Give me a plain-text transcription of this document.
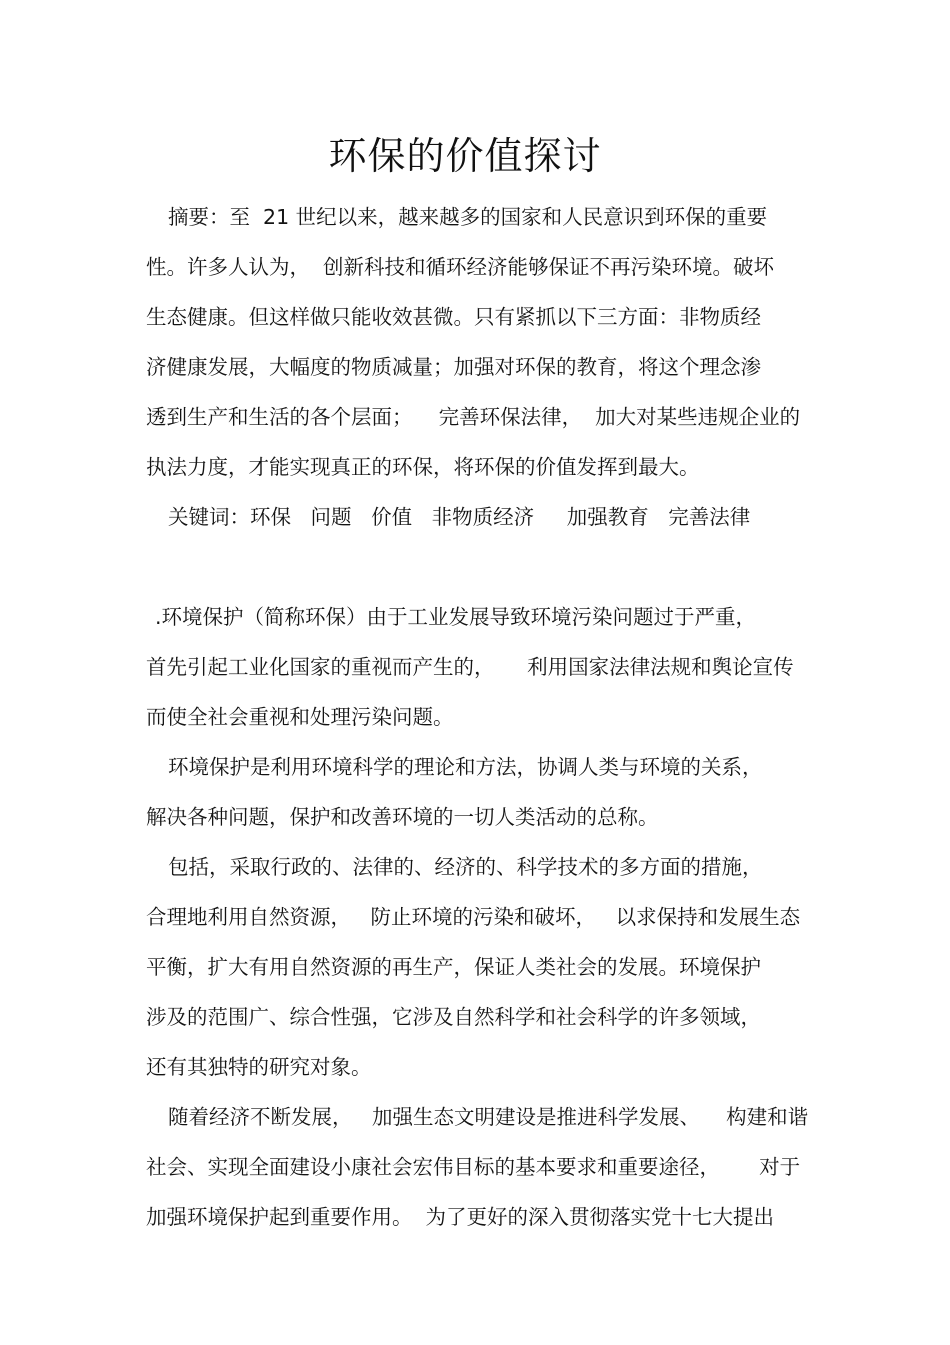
环保的价值探讨
摘要：至  21 世纪以来，越来越多的国家和人民意识到环保的重要
性。许多人认为，  创新科技和循环经济能够保证不再污染环境。破坏
生态健康。但这样做只能收效甚微。只有紧抓以下三方面：非物质经
济健康发展，大幅度的物质减量；加强对环保的教育，将这个理念渗
透到生产和生活的各个层面；    完善环保法律，  加大对某些违规企业的
执法力度，才能实现真正的环保，将环保的价值发挥到最大。
关键词：环保   问题   价值   非物质经济     加强教育   完善法律
.环境保护（简称环保）由于工业发展导致环境污染问题过于严重，
首先引起工业化国家的重视而产生的，     利用国家法律法规和舆论宣传
而使全社会重视和处理污染问题。
环境保护是利用环境科学的理论和方法，协调人类与环境的关系，
解决各种问题，保护和改善环境的一切人类活动的总称。
包括，采取行政的、法律的、经济的、科学技术的多方面的措施，
合理地利用自然资源，   防止环境的污染和破坏，   以求保持和发展生态
平衡，扩大有用自然资源的再生产，保证人类社会的发展。环境保护
涉及的范围广、综合性强，它涉及自然科学和社会科学的许多领域，
还有其独特的研究对象。
随着经济不断发展，   加强生态文明建设是推进科学发展、    构建和谐
社会、实现全面建设小康社会宏伟目标的基本要求和重要途径，      对于
加强环境保护起到重要作用。  为了更好的深入贯彻落实党十七大提出
